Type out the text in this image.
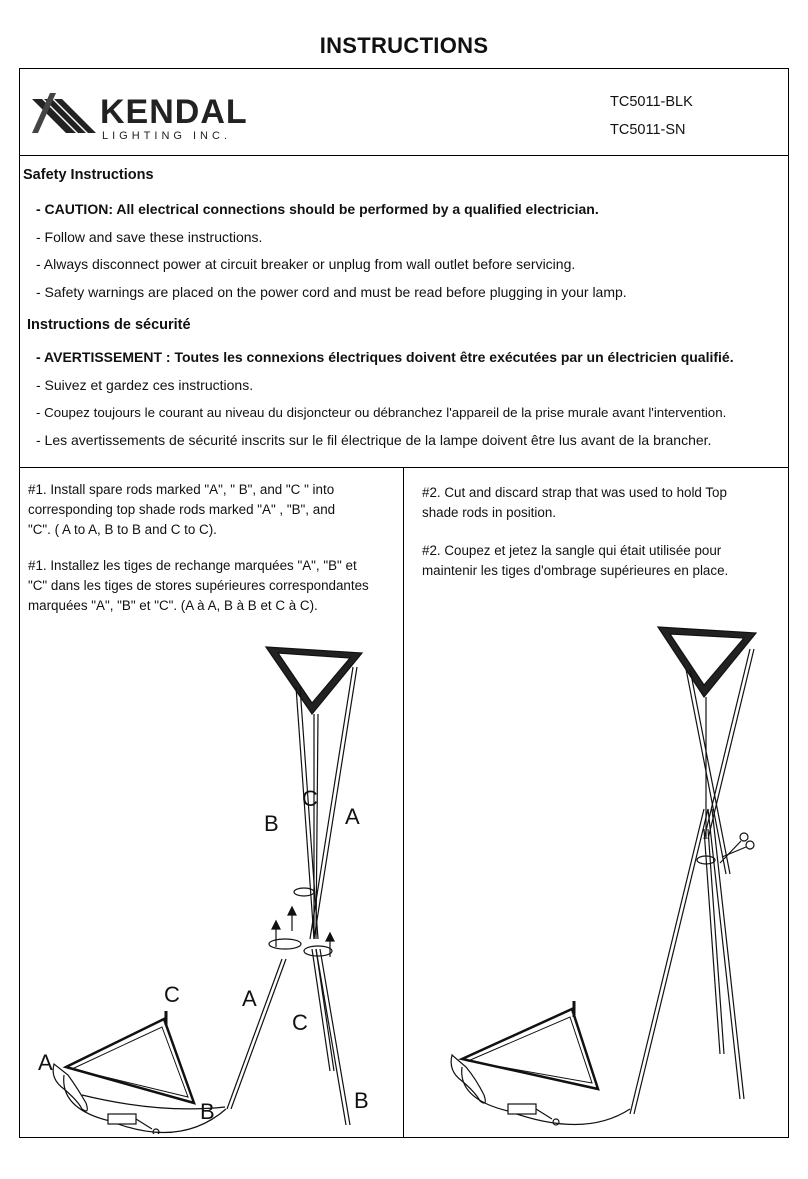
INSTRUCTIONS
KENDAL
LIGHTING INC.
TC5011-BLK
TC5011-SN
Safety Instructions
- CAUTION: All electrical connections should be performed by a qualified electrician.
- Follow and save these instructions.
- Always disconnect power at circuit breaker or unplug from wall outlet before servicing.
- Safety warnings are placed on the power cord and must be read before plugging in your lamp.
Instructions de sécurité
- AVERTISSEMENT : Toutes les connexions électriques doivent être exécutées par un électricien qualifié.
- Suivez et gardez ces instructions.
- Coupez toujours le courant au niveau du disjoncteur ou débranchez l'appareil de la prise murale avant l'intervention.
- Les avertissements de sécurité inscrits sur le fil électrique de la lampe doivent être lus avant de la brancher.
#1. Install spare rods marked "A", " B", and "C " into
corresponding top shade rods marked "A" , "B", and
"C". ( A to A, B to B and C to C).
#1. Installez les tiges de rechange marquées "A", "B" et
"C" dans les tiges de stores supérieures correspondantes
marquées "A", "B" et "C". (A à A, B à B et C à C).
#2. Cut and discard strap that was used to hold Top
shade rods in position.
#2. Coupez et jetez la sangle qui était utilisée pour
maintenir les tiges d'ombrage supérieures en place.
B
C
A
C
A
B
A
C
B
